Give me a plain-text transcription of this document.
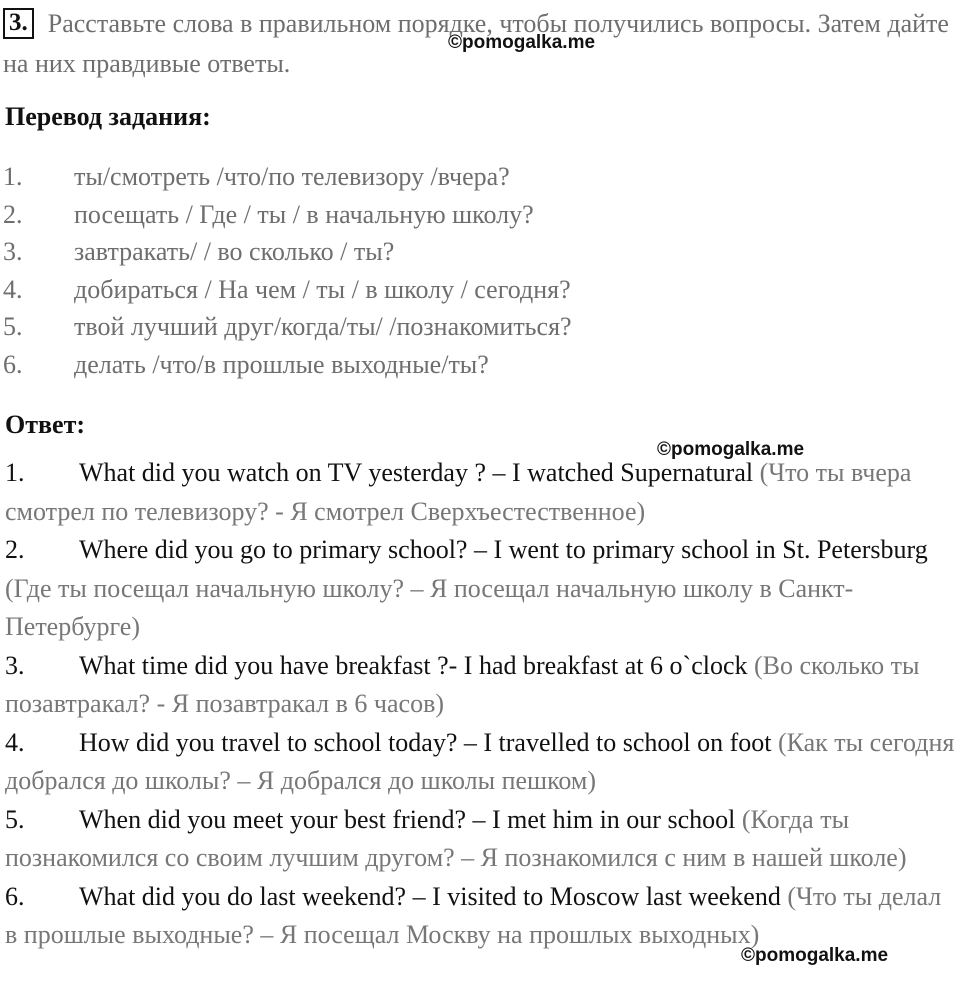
3. Расставьте слова в правильном порядке, чтобы получились вопросы. Затем дайте на них правдивые ответы.
©pomogalka.me
Перевод задания:
1. ты/смотреть /что/по телевизору /вчера?
2. посещать / Где / ты / в начальную школу?
3. завтракать/ / во сколько / ты?
4. добираться / На чем / ты / в школу / сегодня?
5. твой лучший друг/когда/ты/ /познакомиться?
6. делать /что/в прошлые выходные/ты?
Ответ:
©pomogalka.me

1. What did you watch on TV yesterday ? – I watched Supernatural (Что ты вчера смотрел по телевизору? - Я смотрел Сверхъестественное)

2. Where did you go to primary school? – I went to primary school in St. Petersburg (Где ты посещал начальную школу? – Я посещал начальную школу в Санкт-Петербурге)

3. What time did you have breakfast ?- I had breakfast at 6 o`clock (Во сколько ты позавтракал? - Я позавтракал в 6 часов)

4. How did you travel to school today? – I travelled to school on foot (Как ты сегодня добрался до школы? – Я добрался до школы пешком)

5. When did you meet your best friend? – I met him in our school (Когда ты познакомился со своим лучшим другом? – Я познакомился с ним в нашей школе)

6. What did you do last weekend? – I visited to Moscow last weekend (Что ты делал в прошлые выходные? – Я посещал Москву на прошлых выходных)

©pomogalka.me
